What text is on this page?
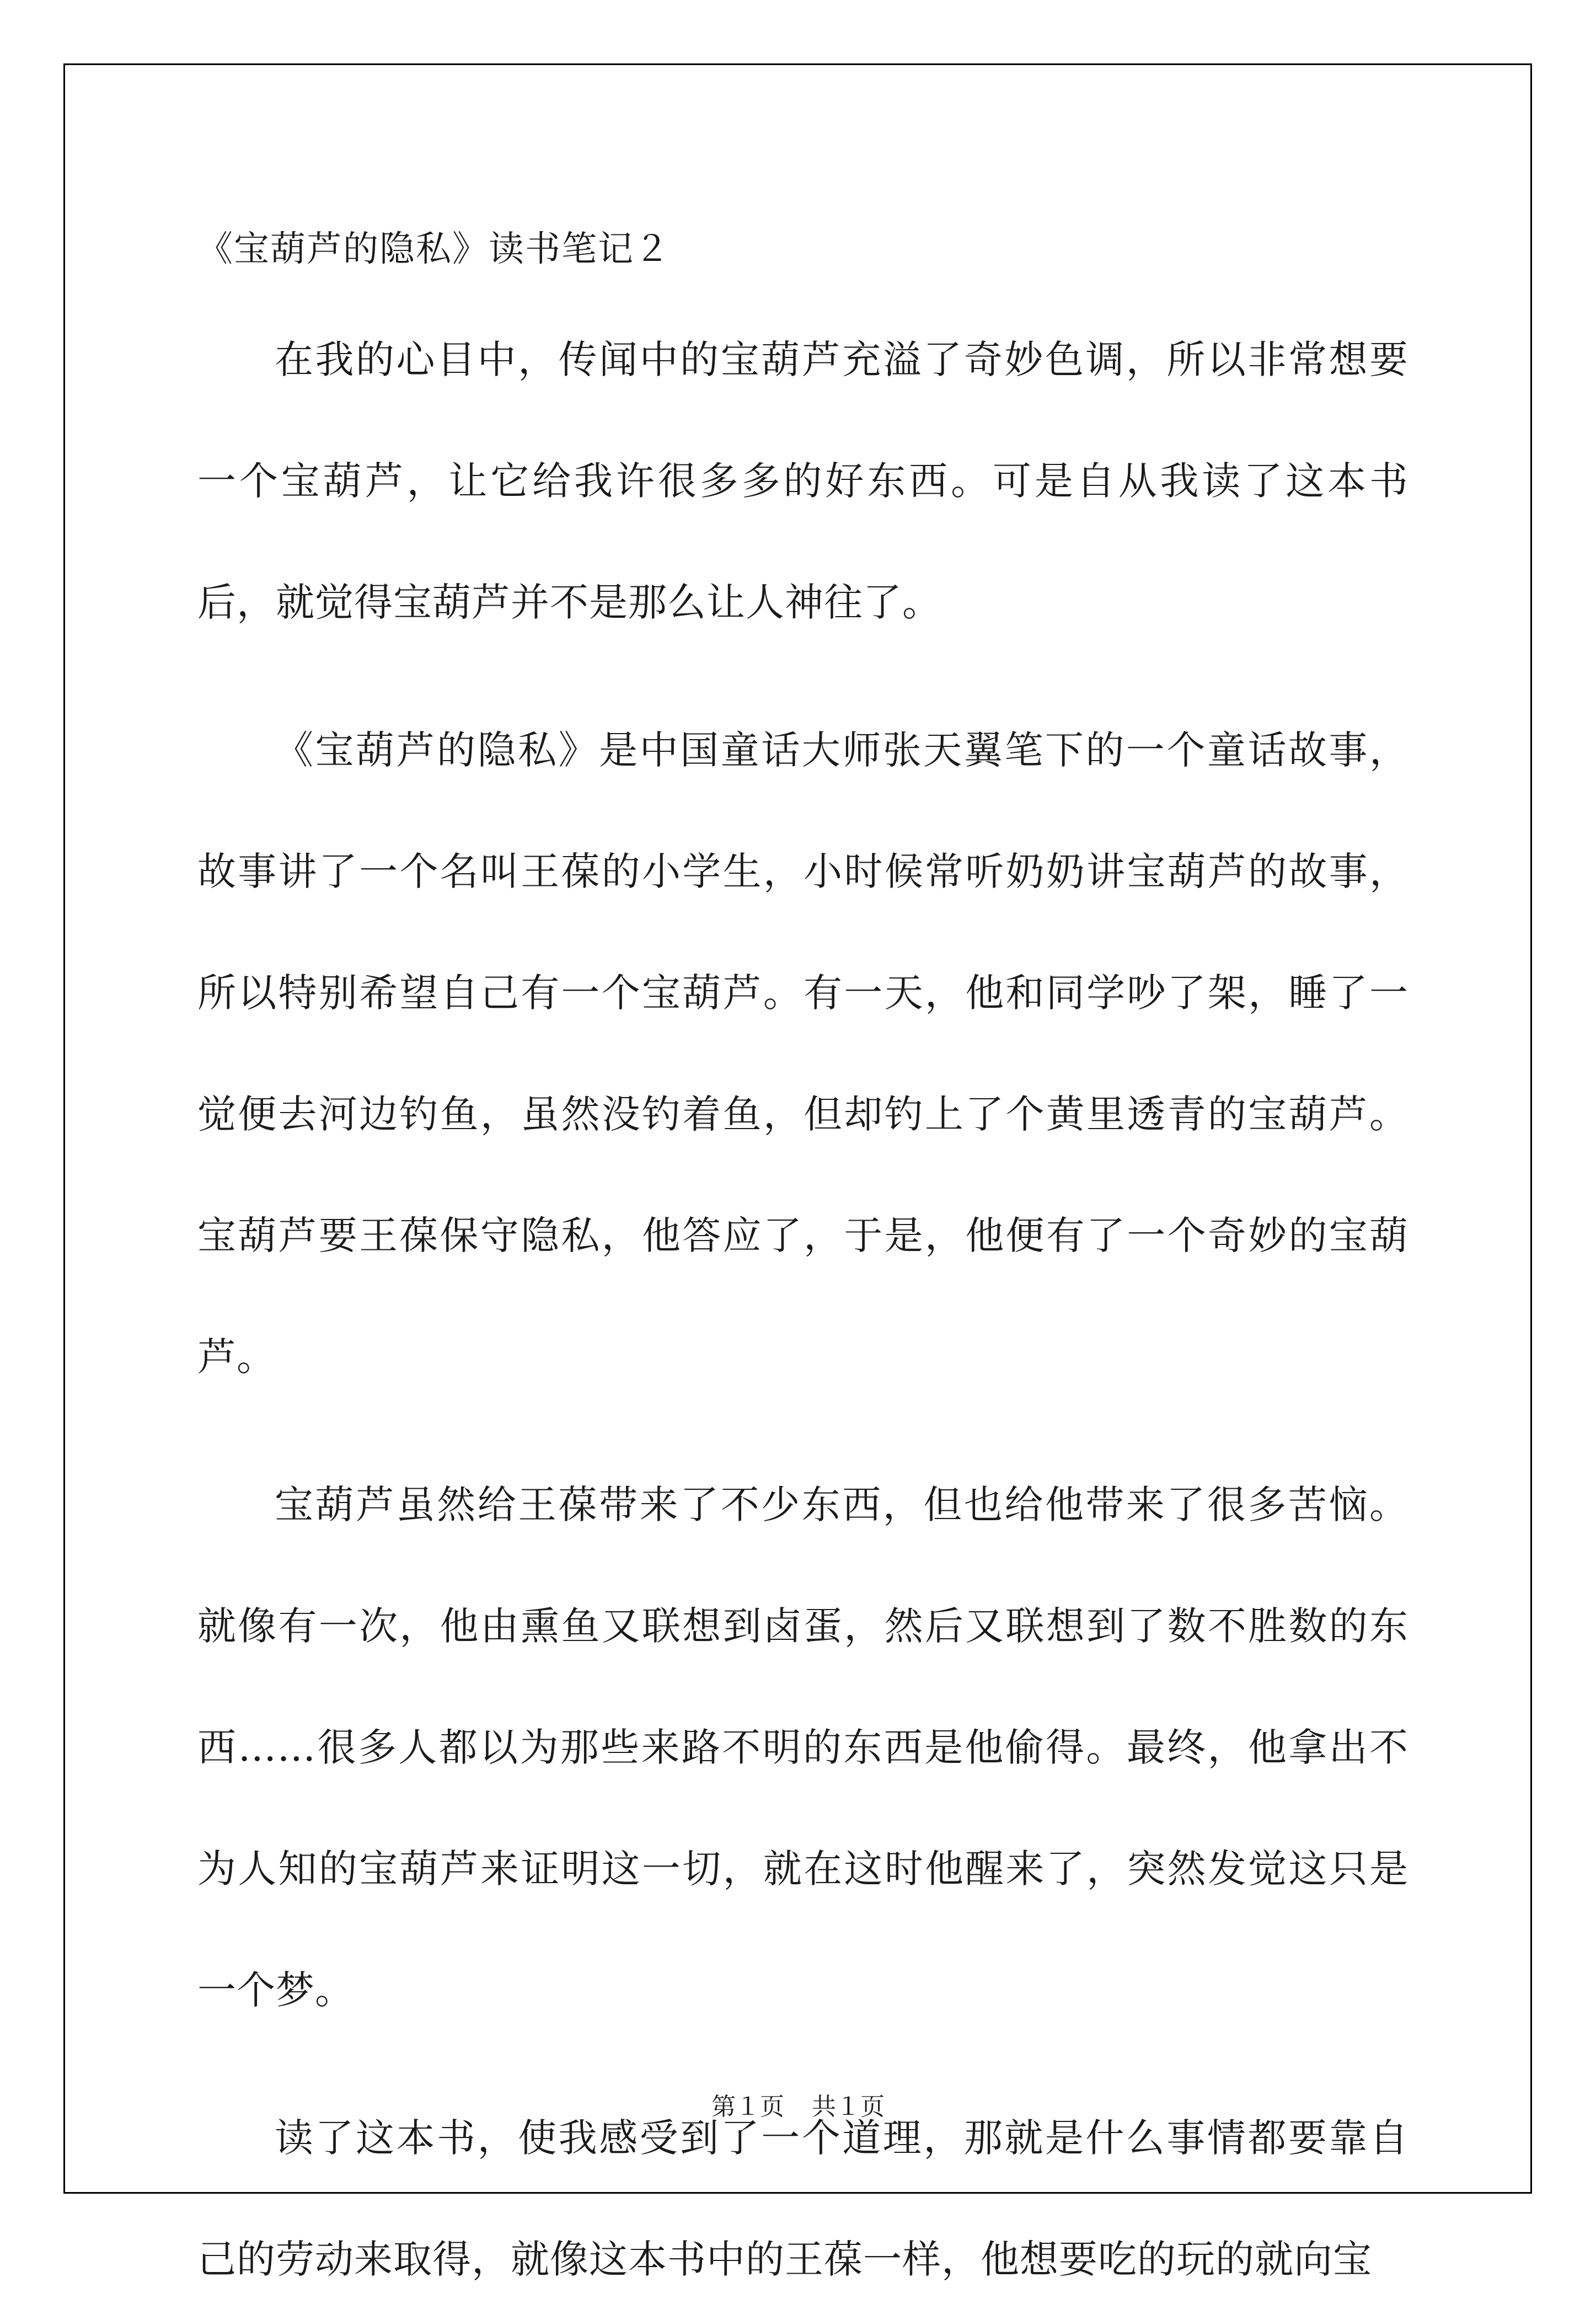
《宝葫芦的隐私》读书笔记２

在我的心目中，传闻中的宝葫芦充溢了奇妙色调，所以非常想要一个宝葫芦，让它给我许很多多的好东西。可是自从我读了这本书后，就觉得宝葫芦并不是那么让人神往了。

《宝葫芦的隐私》是中国童话大师张天翼笔下的一个童话故事，故事讲了一个名叫王葆的小学生，小时候常听奶奶讲宝葫芦的故事，所以特别希望自己有一个宝葫芦。有一天，他和同学吵了架，睡了一觉便去河边钓鱼，虽然没钓着鱼，但却钓上了个黄里透青的宝葫芦。宝葫芦要王葆保守隐私，他答应了，于是，他便有了一个奇妙的宝葫芦。

宝葫芦虽然给王葆带来了不少东西，但也给他带来了很多苦恼。就像有一次，他由熏鱼又联想到卤蛋，然后又联想到了数不胜数的东西……很多人都以为那些来路不明的东西是他偷得。最终，他拿出不为人知的宝葫芦来证明这一切，就在这时他醒来了，突然发觉这只是一个梦。

读了这本书，使我感受到了一个道理，那就是什么事情都要靠自己的劳动来取得，就像这本书中的王葆一样，他想要吃的玩的就向宝

第１页 共１页
